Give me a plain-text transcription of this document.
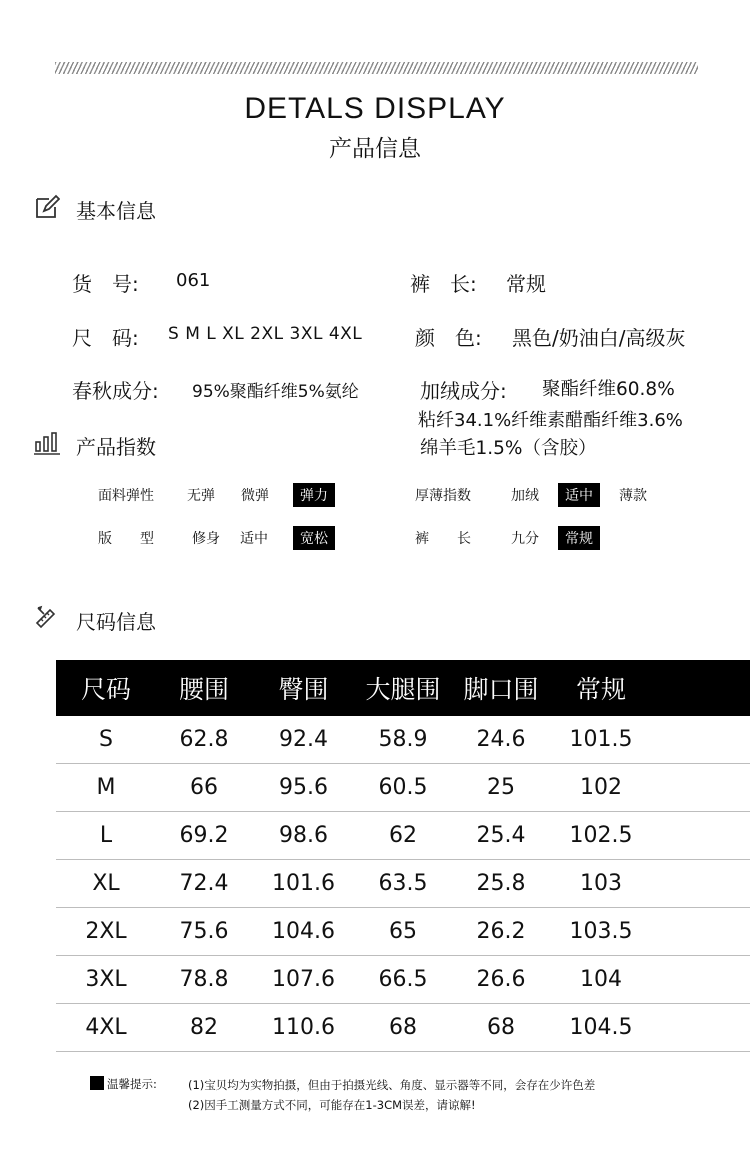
DETALS DISPLAY
产品信息
基本信息
货　号: 061	裤　长: 常规
尺　码: S M L XL 2XL 3XL 4XL	颜　色: 黑色/奶油白/高级灰
春秋成分: 95%聚酯纤维5%氨纶	加绒成分: 聚酯纤维60.8%
粘纤34.1%纤维素醋酯纤维3.6%
绵羊毛1.5%（含胶）
产品指数
面料弹性 无弹 微弹	弹力	厚薄指数	加绒	适中	薄款
版　　型	修身 适中	宽松	裤　　长	九分	常规
尺码信息
尺码	腰围	臀围	大腿围	脚口围	常规	
S	62.8	92.4	58.9	24.6	101.5	
M	66	95.6	60.5	25	102	
L	69.2	98.6	62	25.4	102.5	
XL	72.4	101.6	63.5	25.8	103	
2XL	75.6	104.6	65	26.2	103.5	
3XL	78.8	107.6	66.5	26.6	104	
4XL	82	110.6	68	68	104.5	
温馨提示:	(1)宝贝均为实物拍摄，但由于拍摄光线、角度、显示器等不同，会存在少许色差
(2)因手工测量方式不同，可能存在1-3CM误差，请谅解!
